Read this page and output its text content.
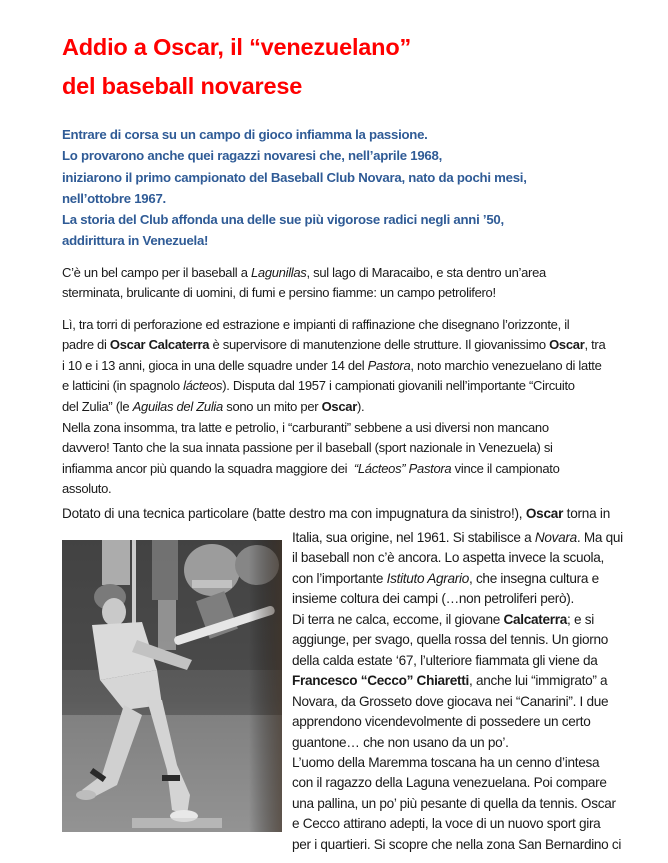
Addio a Oscar, il “venezuelano”
del baseball novarese
Entrare di corsa su un campo di gioco infiamma la passione.
Lo provarono anche quei ragazzi novaresi che, nell’aprile 1968,
iniziarono il primo campionato del Baseball Club Novara, nato da pochi mesi,
nell’ottobre 1967.
La storia del Club affonda una delle sue più vigorose radici negli anni ’50,
addirittura in Venezuela!
C’è un bel campo per il baseball a Lagunillas, sul lago di Maracaibo, e sta dentro un’area
sterminata, brulicante di uomini, di fumi e persino fiamme: un campo petrolifero!
Lì, tra torri di perforazione ed estrazione e impianti di raffinazione che disegnano l’orizzonte, il
padre di Oscar Calcaterra è supervisore di manutenzione delle strutture. Il giovanissimo Oscar, tra
i 10 e i 13 anni, gioca in una delle squadre under 14 del Pastora, noto marchio venezuelano di latte
e latticini (in spagnolo lácteos). Disputa dal 1957 i campionati giovanili nell’importante “Circuito
del Zulia” (le Aguilas del Zulia sono un mito per Oscar).
Nella zona insomma, tra latte e petrolio, i “carburanti” sebbene a usi diversi non mancano
davvero! Tanto che la sua innata passione per il baseball (sport nazionale in Venezuela) si
infiamma ancor più quando la squadra maggiore dei  “Lácteos” Pastora vince il campionato
assoluto.
Dotato di una tecnica particolare (batte destro ma con impugnatura da sinistro!), Oscar torna in
Italia, sua origine, nel 1961. Si stabilisce a Novara. Ma qui
il baseball non c’è ancora. Lo aspetta invece la scuola,
con l’importante Istituto Agrario, che insegna cultura e
insieme coltura dei campi (…non petroliferi però).
Di terra ne calca, eccome, il giovane Calcaterra; e si
aggiunge, per svago, quella rossa del tennis. Un giorno
della calda estate ‘67, l’ulteriore fiammata gli viene da
Francesco “Cecco” Chiaretti, anche lui “immigrato” a
Novara, da Grosseto dove giocava nei “Canarini”. I due
apprendono vicendevolmente di possedere un certo
guantone… che non usano da un po’.
L’uomo della Maremma toscana ha un cenno d’intesa
con il ragazzo della Laguna venezuelana. Poi compare
una pallina, un po’ più pesante di quella da tennis. Oscar
e Cecco attirano adepti, la voce di un nuovo sport gira
per i quartieri. Si scopre che nella zona San Bernardino ci
